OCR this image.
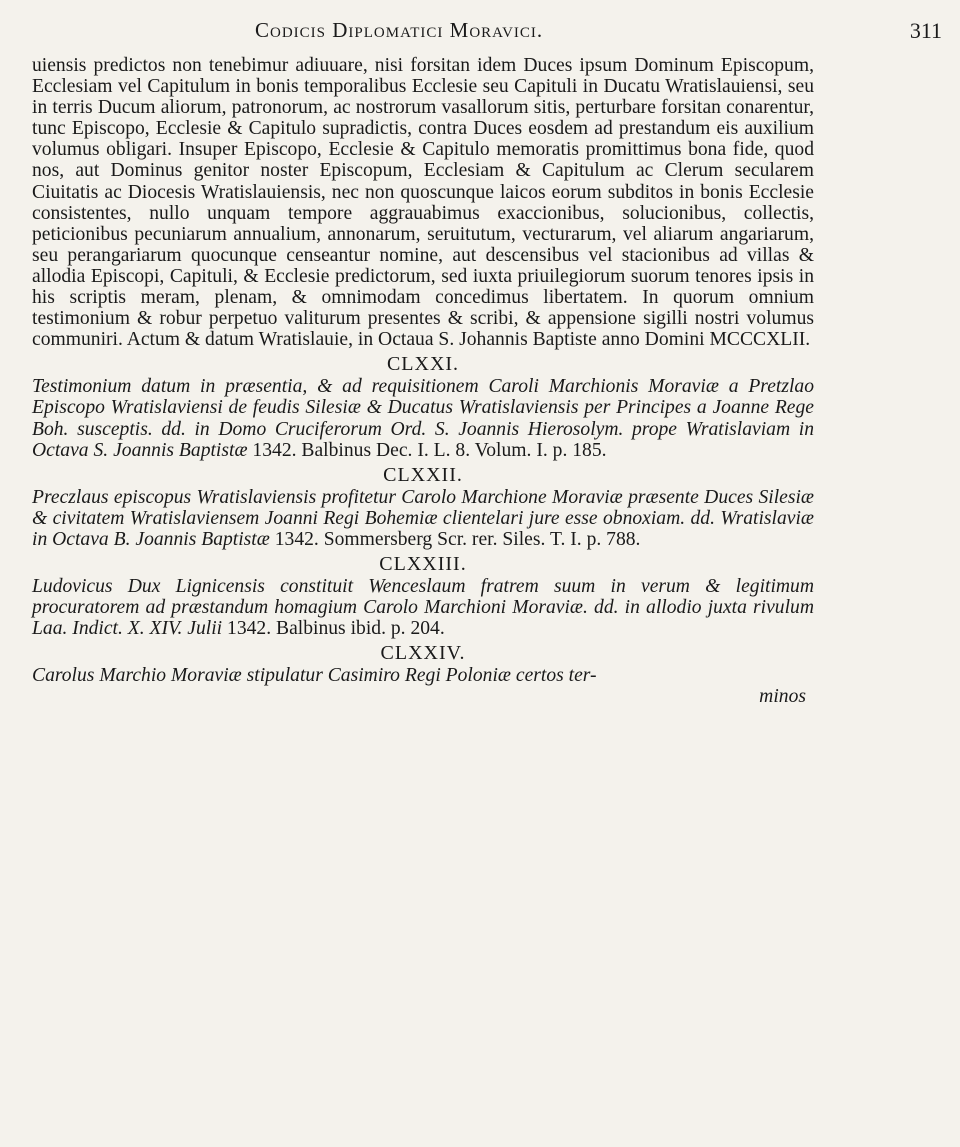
Codicis Diplomatici Moravici.	311

uiensis predictos non tenebimur adiuuare, nisi forsitan idem Duces ipsum Dominum Episcopum, Ecclesiam vel Capitulum in bonis temporalibus Ecclesie seu Capituli in Ducatu Wratislauiensi, seu in terris Ducum aliorum, patronorum, ac nostrorum vasallorum sitis, perturbare forsitan conarentur, tunc Episcopo, Ecclesie & Capitulo supradictis, contra Duces eosdem ad prestandum eis auxilium volumus obligari. Insuper Episcopo, Ecclesie & Capitulo memoratis promittimus bona fide, quod nos, aut Dominus genitor noster Episcopum, Ecclesiam & Capitulum ac Clerum secularem Ciuitatis ac Diocesis Wratislauiensis, nec non quoscunque laicos eorum subditos in bonis Ecclesie consistentes, nullo unquam tempore aggrauabimus exaccionibus, solucionibus, collectis, peticionibus pecuniarum annualium, annonarum, seruitutum, vecturarum, vel aliarum angariarum, seu perangariarum quocunque censeantur nomine, aut descensibus vel stacionibus ad villas & allodia Episcopi, Capituli, & Ecclesie predictorum, sed iuxta priuilegiorum suorum tenores ipsis in his scriptis meram, plenam, & omnimodam concedimus libertatem. In quorum omnium testimonium & robur perpetuo valiturum presentes & scribi, & appensione sigilli nostri volumus communiri. Actum & datum Wratislauie, in Octaua S. Johannis Baptiste anno Domini MCCCXLII.

CLXXI.

Testimonium datum in præsentia, & ad requisitionem Caroli Marchionis Moraviæ a Pretzlao Episcopo Wratislaviensi de feudis Silesiæ & Ducatus Wratislaviensis per Principes a Joanne Rege Boh. susceptis. dd. in Domo Cruciferorum Ord. S. Joannis Hierosolym. prope Wratislaviam in Octava S. Joannis Baptistæ 1342. Balbinus Dec. I. L. 8. Volum. I. p. 185.

CLXXII.

Preczlaus episcopus Wratislaviensis profitetur Carolo Marchione Moraviæ præsente Duces Silesiæ & civitatem Wratislaviensem Joanni Regi Bohemiæ clientelari jure esse obnoxiam. dd. Wratislaviæ in Octava B. Joannis Baptistæ 1342. Sommersberg Scr. rer. Siles. T. I. p. 788.

CLXXIII.

Ludovicus Dux Lignicensis constituit Wenceslaum fratrem suum in verum & legitimum procuratorem ad præstandum homagium Carolo Marchioni Moraviæ. dd. in allodio juxta rivulum Laa. Indict. X. XIV. Julii 1342. Balbinus ibid. p. 204.

CLXXIV.

Carolus Marchio Moraviæ stipulatur Casimiro Regi Poloniæ certos ter-

minos
